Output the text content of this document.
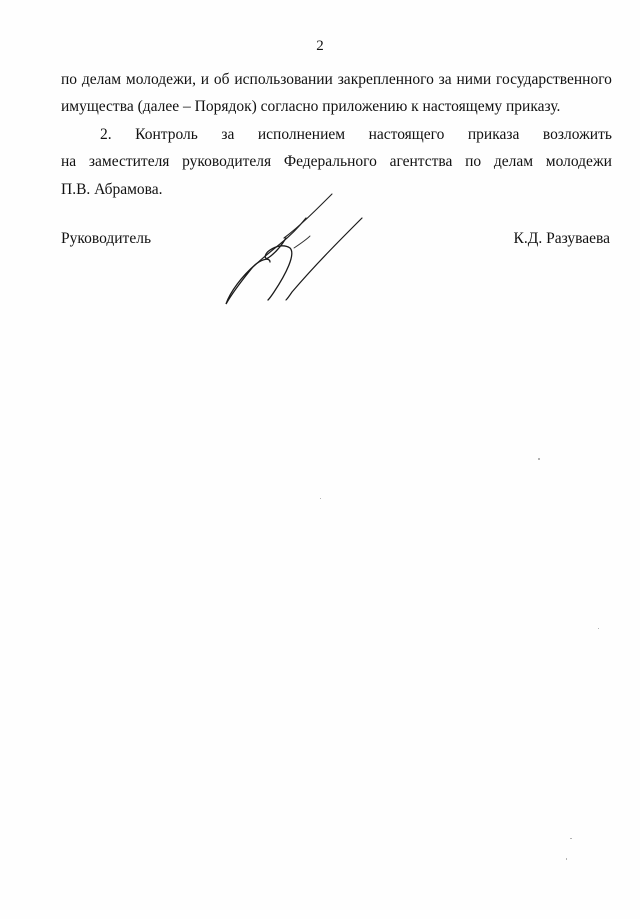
2
по делам молодежи, и об использовании закрепленного за ними государственного
имущества (далее – Порядок) согласно приложению к настоящему приказу.
2. Контроль за исполнением настоящего приказа возложить
на заместителя руководителя Федерального агентства по делам молодежи
П.В. Абрамова.
Руководитель	К.Д. Разуваева
